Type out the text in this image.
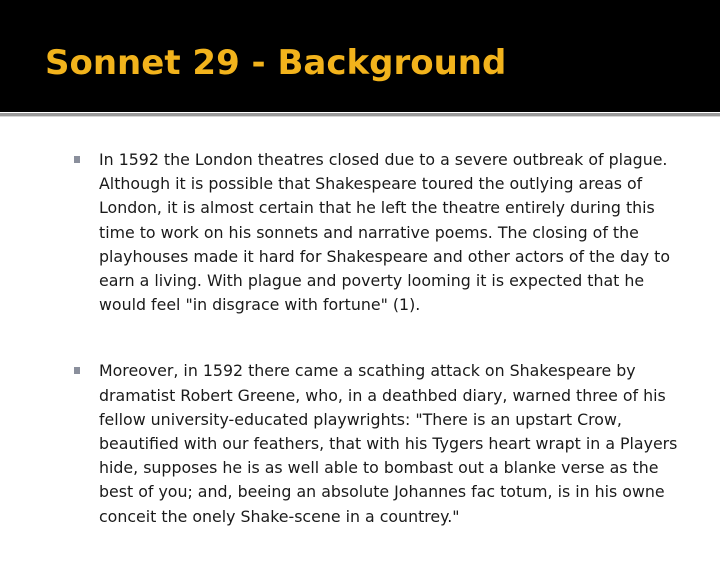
Sonnet 29 - Background
In 1592 the London theatres closed due to a severe outbreak of plague. Although it is possible that Shakespeare toured the outlying areas of London, it is almost certain that he left the theatre entirely during this time to work on his sonnets and narrative poems. The closing of the playhouses made it hard for Shakespeare and other actors of the day to earn a living. With plague and poverty looming it is expected that he would feel "in disgrace with fortune" (1).
Moreover, in 1592 there came a scathing attack on Shakespeare by dramatist Robert Greene, who, in a deathbed diary, warned three of his fellow university-educated playwrights: "There is an upstart Crow, beautified with our feathers, that with his Tygers heart wrapt in a Players hide, supposes he is as well able to bombast out a blanke verse as the best of you; and, beeing an absolute Johannes fac totum, is in his owne conceit the onely Shake-scene in a countrey."
